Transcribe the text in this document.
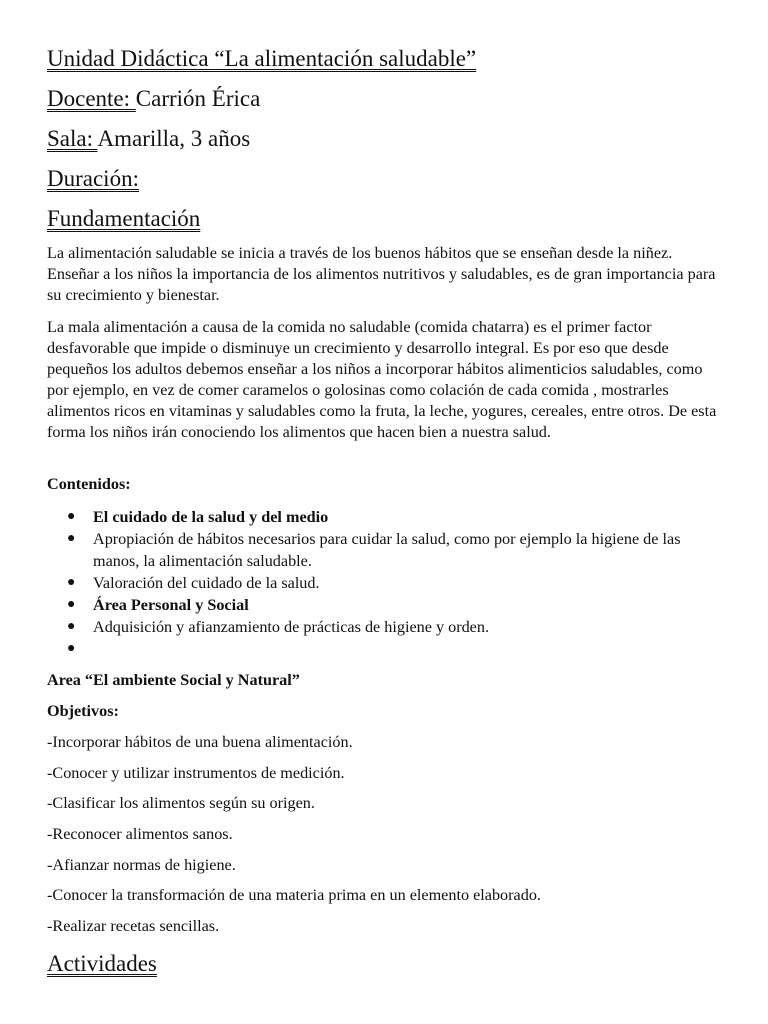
Unidad Didáctica “La alimentación saludable”
Docente: Carrión Érica
Sala: Amarilla, 3 años
Duración:
Fundamentación
La alimentación saludable se inicia a través de los buenos hábitos que se enseñan desde la niñez. Enseñar a los niños la importancia de los alimentos nutritivos y saludables, es de gran importancia para su crecimiento y bienestar.
La mala alimentación a causa de la comida no saludable (comida chatarra) es el primer factor desfavorable que impide o disminuye un crecimiento y desarrollo integral. Es por eso que desde pequeños los adultos debemos enseñar a los niños a incorporar hábitos alimenticios saludables, como por ejemplo, en vez de comer caramelos o golosinas como colación de cada comida , mostrarles alimentos ricos en vitaminas y saludables como la fruta, la leche, yogures, cereales, entre otros. De esta forma los niños irán conociendo los alimentos que hacen bien a nuestra salud.
Contenidos:
● El cuidado de la salud y del medio
● Apropiación de hábitos necesarios para cuidar la salud, como por ejemplo la higiene de las manos, la alimentación saludable.
● Valoración del cuidado de la salud.
● Área Personal y Social
● Adquisición y afianzamiento de prácticas de higiene y orden.
●
Area “El ambiente Social y Natural”
Objetivos:
-Incorporar hábitos de una buena alimentación.
-Conocer y utilizar instrumentos de medición.
-Clasificar los alimentos según su origen.
-Reconocer alimentos sanos.
-Afianzar normas de higiene.
-Conocer la transformación de una materia prima en un elemento elaborado.
-Realizar recetas sencillas.
Actividades
